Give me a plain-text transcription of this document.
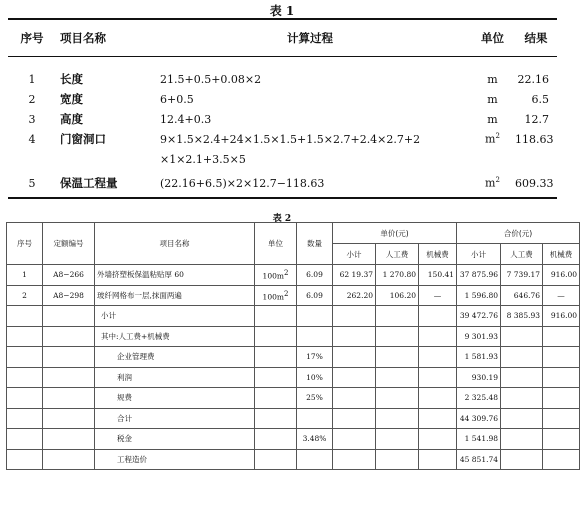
表 1
序号	项目名称	计算过程	单位	结果

1	长度	21.5+0.5+0.08×2	m	22.16
2	宽度	6+0.5	m	6.5
3	高度	12.4+0.3	m	12.7
4	门窗洞口	9×1.5×2.4+24×1.5×1.5+1.5×2.7+2.4×2.7+2	$m^2$	118.63
		×1×2.1+3.5×5		
5	保温工程量	(22.16+6.5)×2×12.7−118.63	$m^2$	609.33
表 2
序号	定额编号	项目名称	单位	数量	单价(元)			合价(元)		
					小计	人工费	机械费	小计	人工费	机械费
1	A8−266	外墙挤塑板保温粘贴厚 60	$100m^2$	6.09	62 19.37	1 270.80	150.41	37 875.96	7 739.17	916.00
2	A8−298	玻纤网格布一层,抹面两遍	$100m^2$	6.09	262.20	106.20	—	1 596.80	646.76	—
		小计						39 472.76	8 385.93	916.00
		其中:人工费+机械费						9 301.93		
		企业管理费		17%				1 581.93		
		利润		10%				930.19		
		规费		25%				2 325.48		
		合计						44 309.76		
		税金		3.48%				1 541.98		
		工程造价						45 851.74		
